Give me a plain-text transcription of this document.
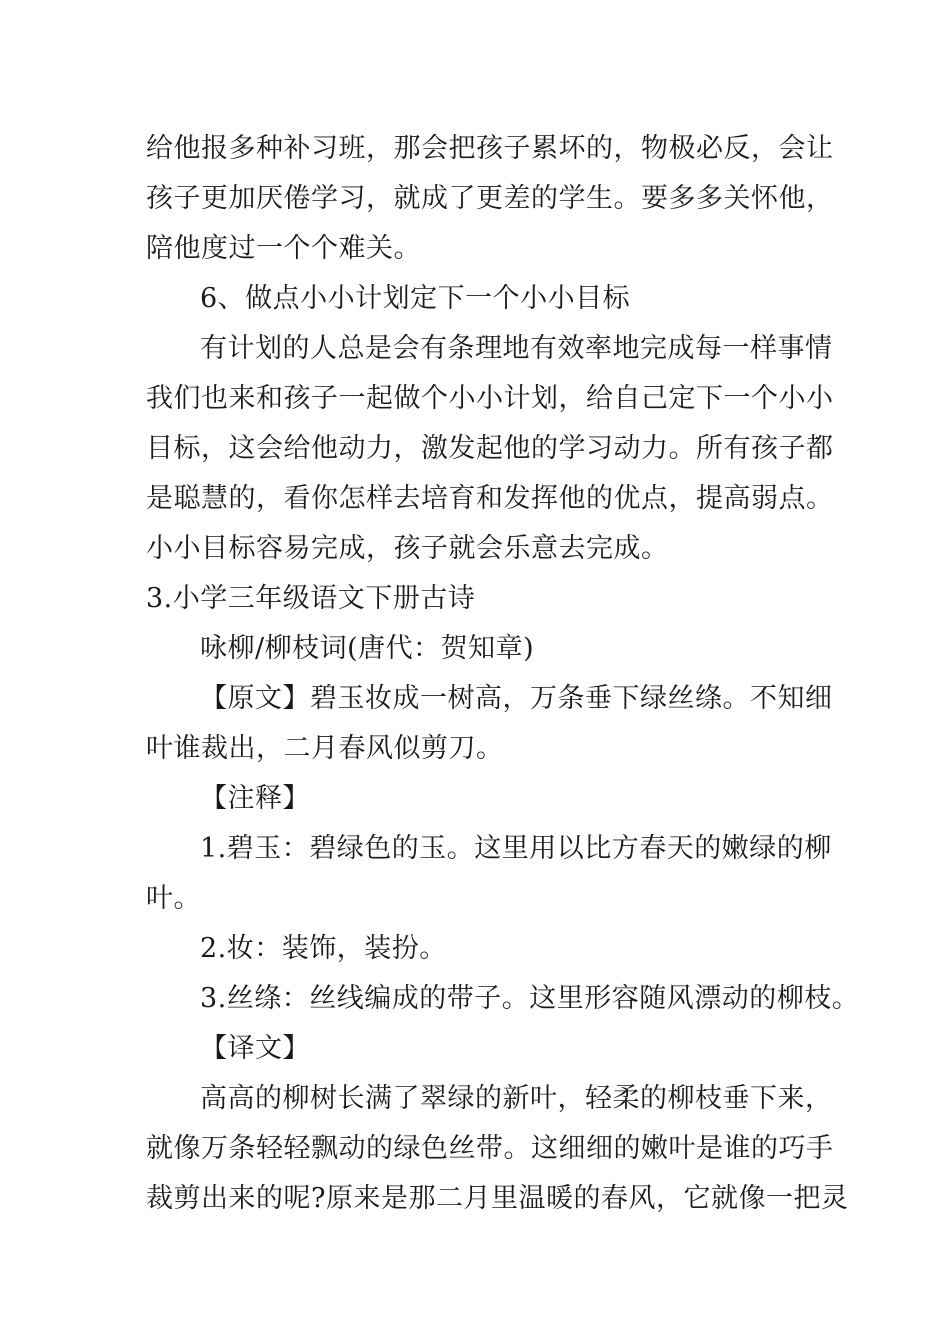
给他报多种补习班，那会把孩子累坏的，物极必反，会让

孩子更加厌倦学习，就成了更差的学生。要多多关怀他，

陪他度过一个个难关。

6、做点小小计划定下一个小小目标

有计划的人总是会有条理地有效率地完成每一样事情

我们也来和孩子一起做个小小计划，给自己定下一个小小

目标，这会给他动力，激发起他的学习动力。所有孩子都

是聪慧的，看你怎样去培育和发挥他的优点，提高弱点。

小小目标容易完成，孩子就会乐意去完成。

3.小学三年级语文下册古诗

咏柳/柳枝词(唐代：贺知章)

【原文】碧玉妆成一树高，万条垂下绿丝绦。不知细

叶谁裁出，二月春风似剪刀。

【注释】

1.碧玉：碧绿色的玉。这里用以比方春天的嫩绿的柳

叶。

2.妆：装饰，装扮。

3.丝绦：丝线编成的带子。这里形容随风漂动的柳枝。

【译文】

高高的柳树长满了翠绿的新叶，轻柔的柳枝垂下来，

就像万条轻轻飘动的绿色丝带。这细细的嫩叶是谁的巧手

裁剪出来的呢?原来是那二月里温暖的春风，它就像一把灵
